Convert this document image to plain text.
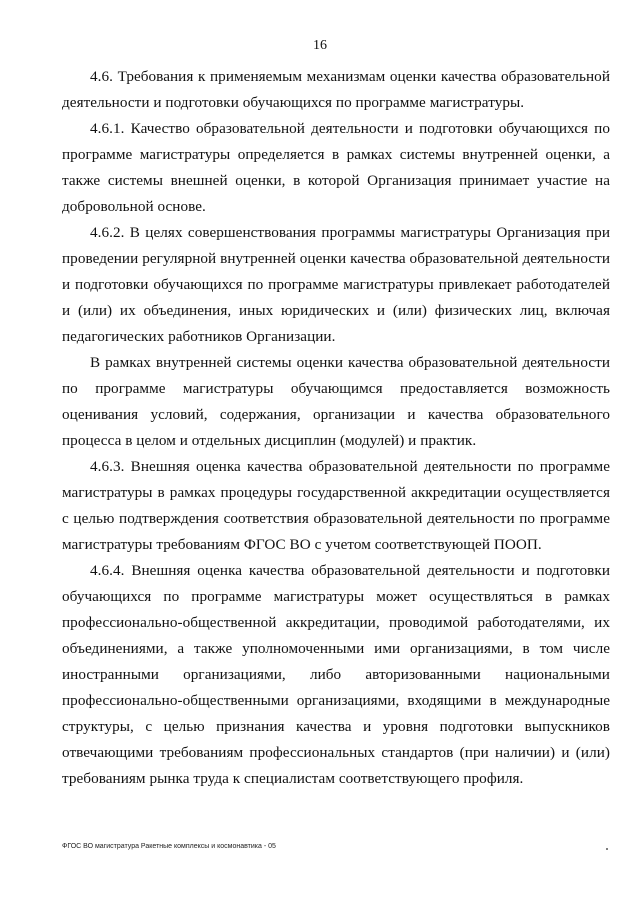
16

4.6. Требования к применяемым механизмам оценки качества образовательной деятельности и подготовки обучающихся по программе магистратуры.

4.6.1. Качество образовательной деятельности и подготовки обучающихся по программе магистратуры определяется в рамках системы внутренней оценки, а также системы внешней оценки, в которой Организация принимает участие на добровольной основе.

4.6.2. В целях совершенствования программы магистратуры Организация при проведении регулярной внутренней оценки качества образовательной деятельности и подготовки обучающихся по программе магистратуры привлекает работодателей и (или) их объединения, иных юридических и (или) физических лиц, включая педагогических работников Организации.

В рамках внутренней системы оценки качества образовательной деятельности по программе магистратуры обучающимся предоставляется возможность оценивания условий, содержания, организации и качества образовательного процесса в целом и отдельных дисциплин (модулей) и практик.

4.6.3. Внешняя оценка качества образовательной деятельности по программе магистратуры в рамках процедуры государственной аккредитации осуществляется с целью подтверждения соответствия образовательной деятельности по программе магистратуры требованиям ФГОС ВО с учетом соответствующей ПООП.

4.6.4. Внешняя оценка качества образовательной деятельности и подготовки обучающихся по программе магистратуры может осуществляться в рамках профессионально-общественной аккредитации, проводимой работодателями, их объединениями, а также уполномоченными ими организациями, в том числе иностранными организациями, либо авторизованными национальными профессионально-общественными организациями, входящими в международные структуры, с целью признания качества и уровня подготовки выпускников отвечающими требованиям профессиональных стандартов (при наличии) и (или) требованиям рынка труда к специалистам соответствующего профиля.

ФГОС ВО магистратура Ракетные комплексы и космонавтика - 05
